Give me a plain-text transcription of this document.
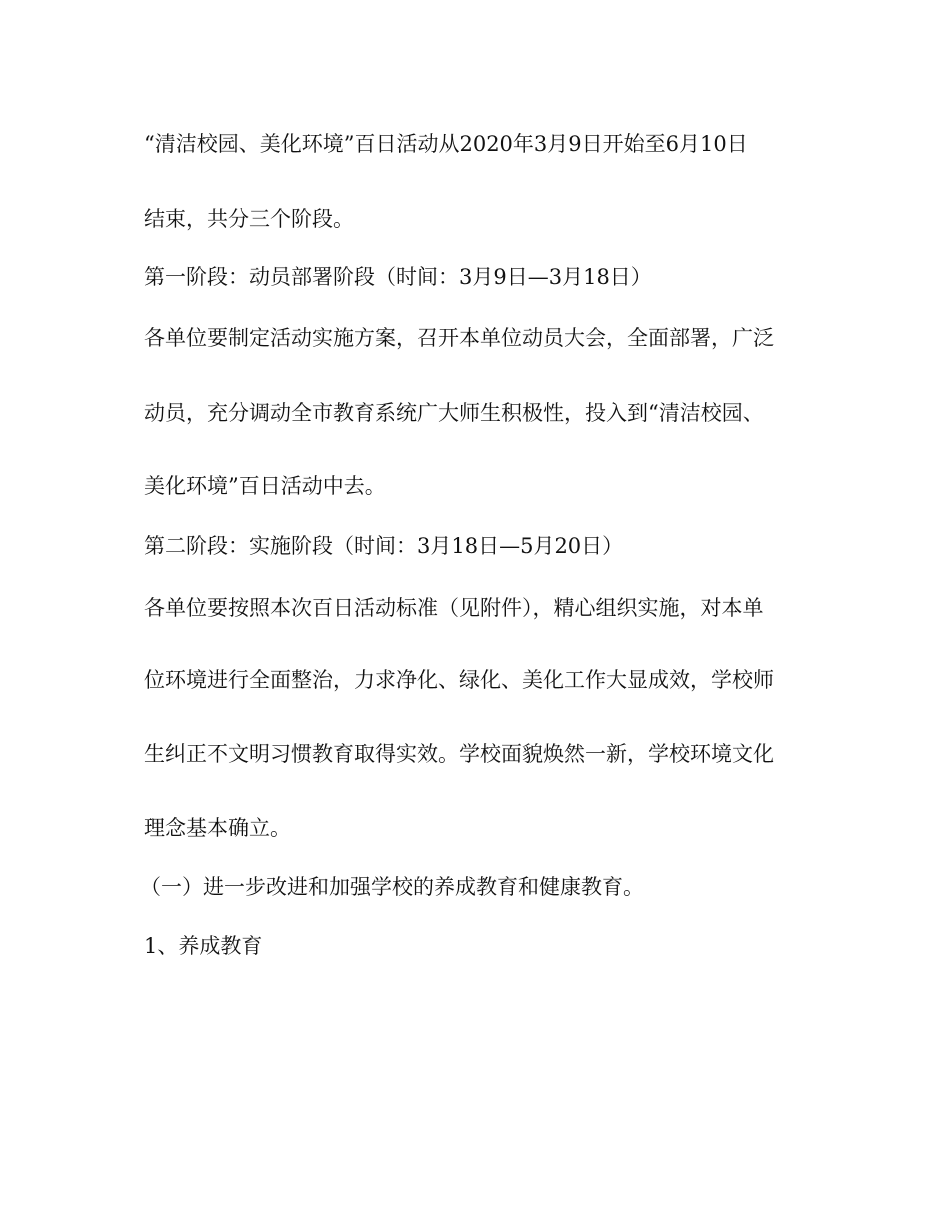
“清洁校园、美化环境”百日活动从2020年3月9日开始至6月10日
结束，共分三个阶段。
第一阶段：动员部署阶段（时间：3月9日—3月18日）
各单位要制定活动实施方案，召开本单位动员大会，全面部署，广泛
动员，充分调动全市教育系统广大师生积极性，投入到“清洁校园、
美化环境”百日活动中去。
第二阶段：实施阶段（时间：3月18日—5月20日）
各单位要按照本次百日活动标准（见附件），精心组织实施，对本单
位环境进行全面整治，力求净化、绿化、美化工作大显成效，学校师
生纠正不文明习惯教育取得实效。学校面貌焕然一新，学校环境文化
理念基本确立。
（一）进一步改进和加强学校的养成教育和健康教育。
1、养成教育
